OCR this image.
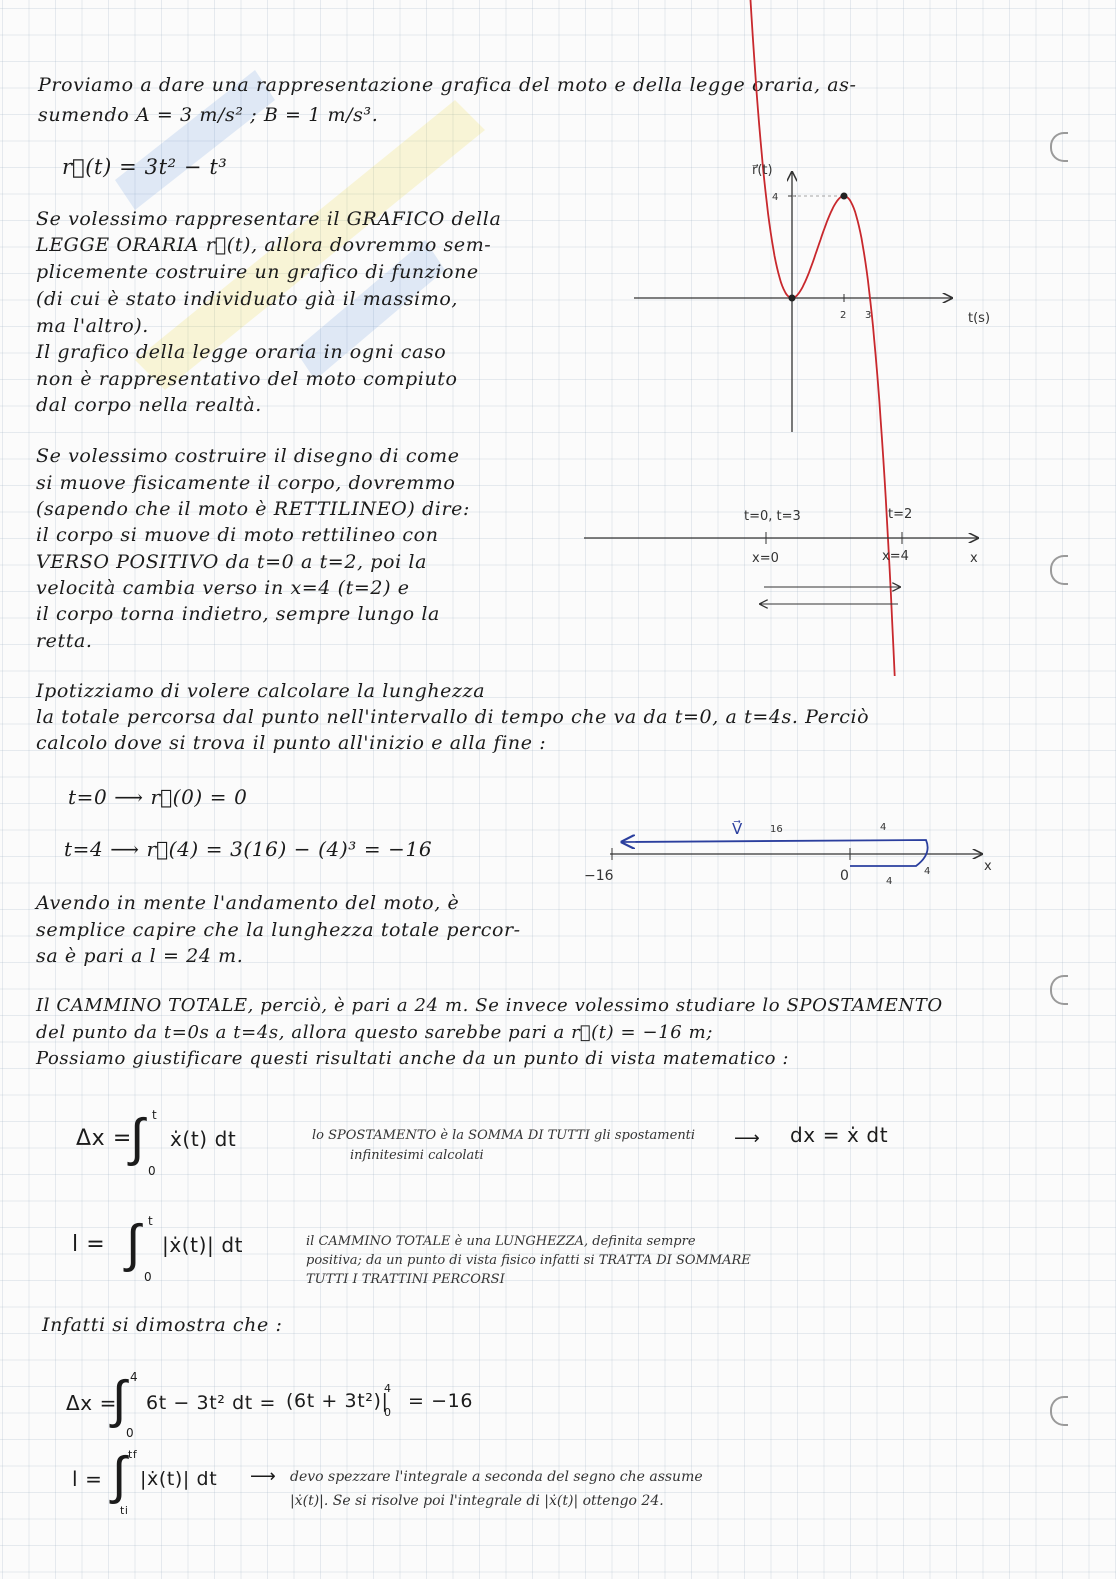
Proviamo a dare una rappresentazione grafica del moto e della legge oraria, as-
sumendo A = 3 m/s² ; B = 1 m/s³.
r⃗(t) = 3t² − t³
Se volessimo rappresentare il GRAFICO della
LEGGE ORARIA r⃗(t), allora dovremmo sem-
plicemente costruire un grafico di funzione
(di cui è stato individuato già il massimo,
ma l'altro).
Il grafico della legge oraria in ogni caso
non è rappresentativo del moto compiuto
dal corpo nella realtà.
Se volessimo costruire il disegno di come
si muove fisicamente il corpo, dovremmo
(sapendo che il moto è RETTILINEO) dire:
il corpo si muove di moto rettilineo con
VERSO POSITIVO da t=0 a t=2, poi la
velocità cambia verso in x=4 (t=2) e
il corpo torna indietro, sempre lungo la
retta.
Ipotizziamo di volere calcolare la lunghezza
la totale percorsa dal punto nell'intervallo di tempo che va da t=0, a t=4s. Perciò
calcolo dove si trova il punto all'inizio e alla fine :
t=0 ⟶ r⃗(0) = 0
t=4 ⟶ r⃗(4) = 3(16) − (4)³ = −16
Avendo in mente l'andamento del moto, è
semplice capire che la lunghezza totale percor-
sa è pari a l = 24 m.
Il CAMMINO TOTALE, perciò, è pari a 24 m. Se invece volessimo studiare lo SPOSTAMENTO
del punto da t=0s a t=4s, allora questo sarebbe pari a r⃗(t) = −16 m;
Possiamo giustificare questi risultati anche da un punto di vista matematico :
Δx =
∫ t
0
ẋ(t) dt	lo SPOSTAMENTO è la SOMMA DI TUTTI gli spostamenti
infinitesimi calcolati
⟶ dx = ẋ dt
l = ∫ t
0
|ẋ(t)| dt	il CAMMINO TOTALE è una LUNGHEZZA, definita sempre
positiva; da un punto di vista fisico infatti si TRATTA DI SOMMARE
TUTTI I TRATTINI PERCORSI
Infatti si dimostra che :
Δx =
∫ 4
0
6t − 3t² dt = (6t + 3t²)|
4
0
= −16
l = ∫ tf
ti
|ẋ(t)| dt ⟶ devo spezzare l'integrale a seconda del segno che assume
|ẋ(t)|. Se si risolve poi l'integrale di |ẋ(t)| ottengo 24.
r⃗(t)
t(s)
4
2 3
t=0, t=3	t=2
x=0	x=4	x
V⃗	16	4
4
−16	0	4	x
